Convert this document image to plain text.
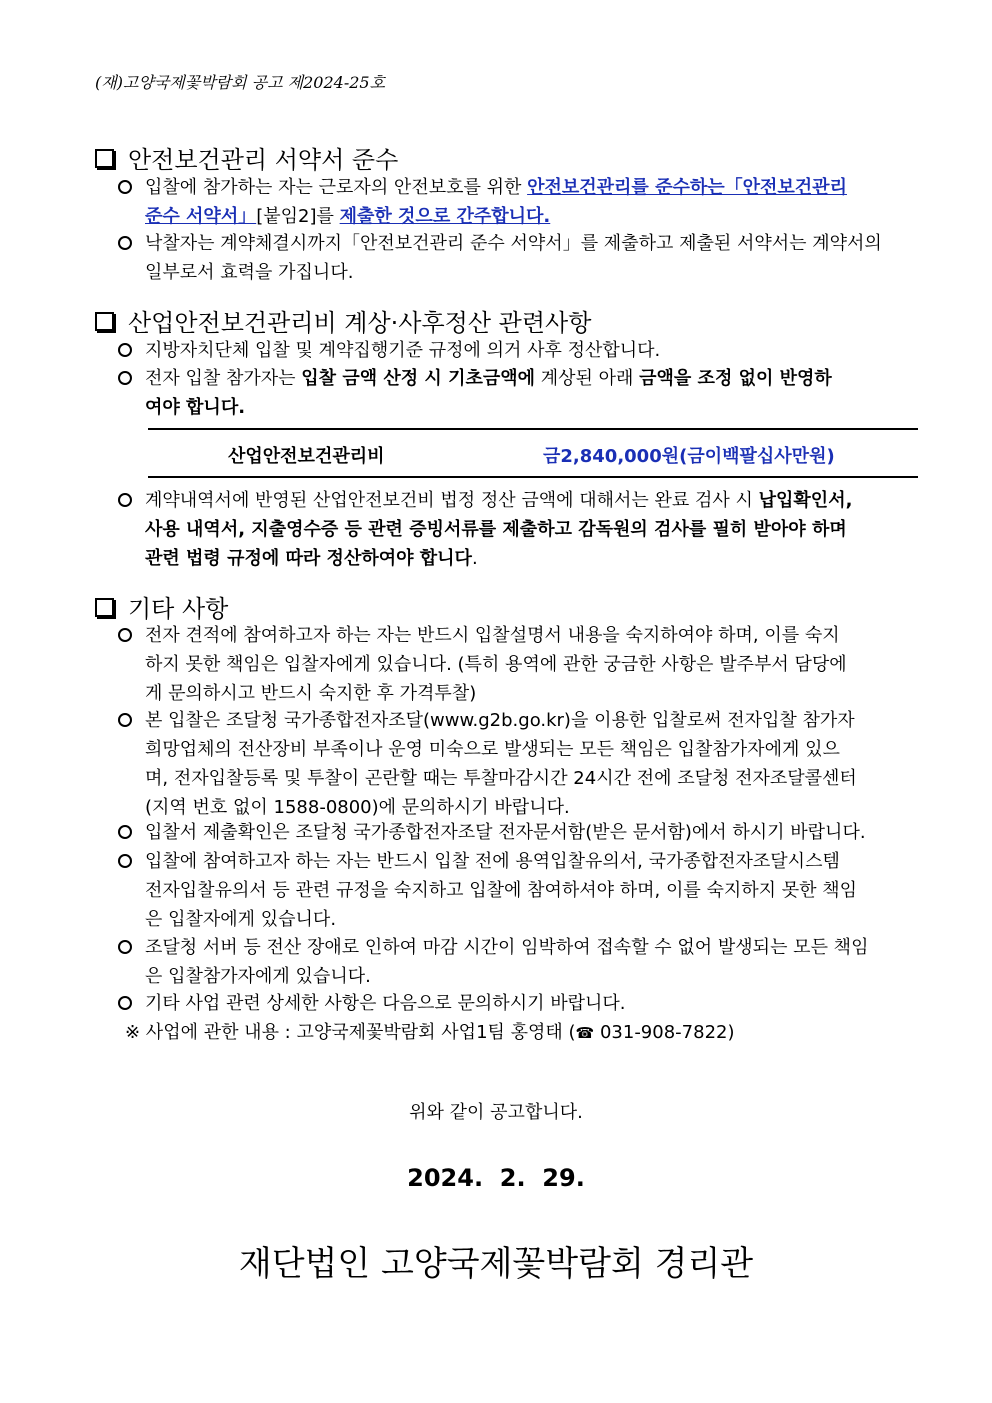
(재)고양국제꽃박람회 공고 제2024-25호
안전보건관리 서약서 준수
입찰에 참가하는 자는 근로자의 안전보호를 위한 안전보건관리를 준수하는「안전보건관리
준수 서약서」[붙임2]를 제출한 것으로 간주합니다.
낙찰자는 계약체결시까지「안전보건관리 준수 서약서」를 제출하고 제출된 서약서는 계약서의
일부로서 효력을 가집니다.
산업안전보건관리비 계상·사후정산 관련사항
지방자치단체 입찰 및 계약집행기준 규정에 의거 사후 정산합니다.
전자 입찰 참가자는 입찰 금액 산정 시 기초금액에 계상된 아래 금액을 조정 없이 반영하
여야 합니다.
산업안전보건관리비	금2,840,000원(금이백팔십사만원)
계약내역서에 반영된 산업안전보건비 법정 정산 금액에 대해서는 완료 검사 시 납입확인서,
사용 내역서, 지출영수증 등 관련 증빙서류를 제출하고 감독원의 검사를 필히 받아야 하며
관련 법령 규정에 따라 정산하여야 합니다.
기타 사항
전자 견적에 참여하고자 하는 자는 반드시 입찰설명서 내용을 숙지하여야 하며, 이를 숙지
하지 못한 책임은 입찰자에게 있습니다. (특히 용역에 관한 궁금한 사항은 발주부서 담당에
게 문의하시고 반드시 숙지한 후 가격투찰)
본 입찰은 조달청 국가종합전자조달(www.g2b.go.kr)을 이용한 입찰로써 전자입찰 참가자
희망업체의 전산장비 부족이나 운영 미숙으로 발생되는 모든 책임은 입찰참가자에게 있으
며, 전자입찰등록 및 투찰이 곤란할 때는 투찰마감시간 24시간 전에 조달청 전자조달콜센터
(지역 번호 없이 1588-0800)에 문의하시기 바랍니다.
입찰서 제출확인은 조달청 국가종합전자조달 전자문서함(받은 문서함)에서 하시기 바랍니다.
입찰에 참여하고자 하는 자는 반드시 입찰 전에 용역입찰유의서, 국가종합전자조달시스템
전자입찰유의서 등 관련 규정을 숙지하고 입찰에 참여하셔야 하며, 이를 숙지하지 못한 책임
은 입찰자에게 있습니다.
조달청 서버 등 전산 장애로 인하여 마감 시간이 임박하여 접속할 수 없어 발생되는 모든 책임
은 입찰참가자에게 있습니다.
기타 사업 관련 상세한 사항은 다음으로 문의하시기 바랍니다.
※ 사업에 관한 내용 : 고양국제꽃박람회 사업1팀 홍영태 (☎ 031-908-7822)
위와 같이 공고합니다.
2024.  2.  29.
재단법인 고양국제꽃박람회 경리관
